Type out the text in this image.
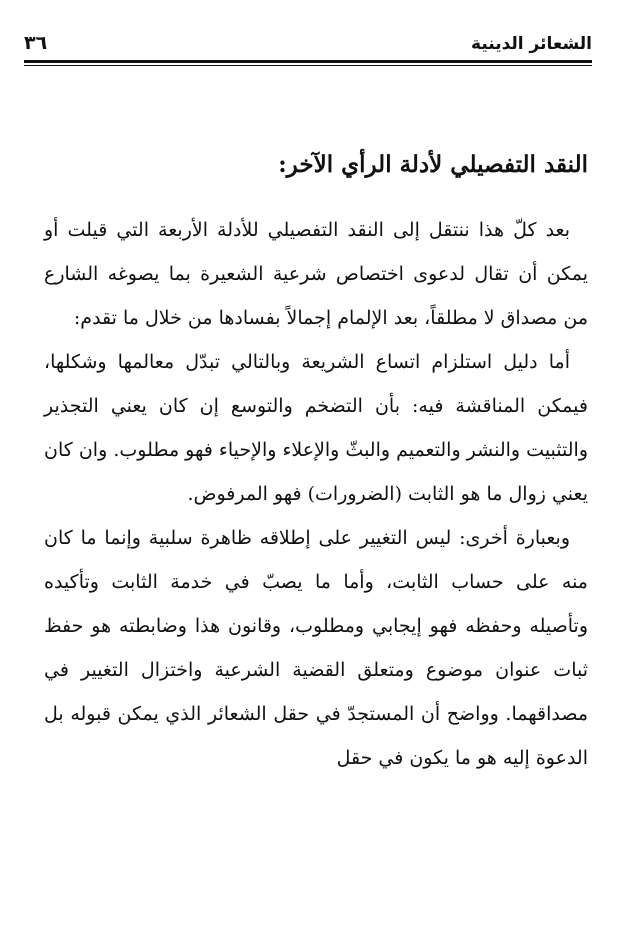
الشعائر الدينية
٣٦
النقد التفصيلي لأدلة الرأي الآخر:

بعد كلّ هذا ننتقل إلى النقد التفصيلي للأدلة الأربعة التي قيلت أو يمكن أن تقال لدعوى اختصاص شرعية الشعيرة بما يصوغه الشارع من مصداق لا مطلقاً، بعد الإلمام إجمالاً بفسادها من خلال ما تقدم:

أما دليل استلزام اتساع الشريعة وبالتالي تبدّل معالمها وشكلها، فيمكن المناقشة فيه: بأن التضخم والتوسع إن كان يعني التجذير والتثبيت والنشر والتعميم والبثّ والإعلاء والإحياء فهو مطلوب. وان كان يعني زوال ما هو الثابت (الضرورات) فهو المرفوض.

وبعبارة أخرى: ليس التغيير على إطلاقه ظاهرة سلبية وإنما ما كان منه على حساب الثابت، وأما ما يصبّ في خدمة الثابت وتأكيده وتأصيله وحفظه فهو إيجابي ومطلوب، وقانون هذا وضابطته هو حفظ ثبات عنوان موضوع ومتعلق القضية الشرعية واختزال التغيير في مصداقهما. وواضح أن المستجدّ في حقل الشعائر الذي يمكن قبوله بل الدعوة إليه هو ما يكون في حقل
